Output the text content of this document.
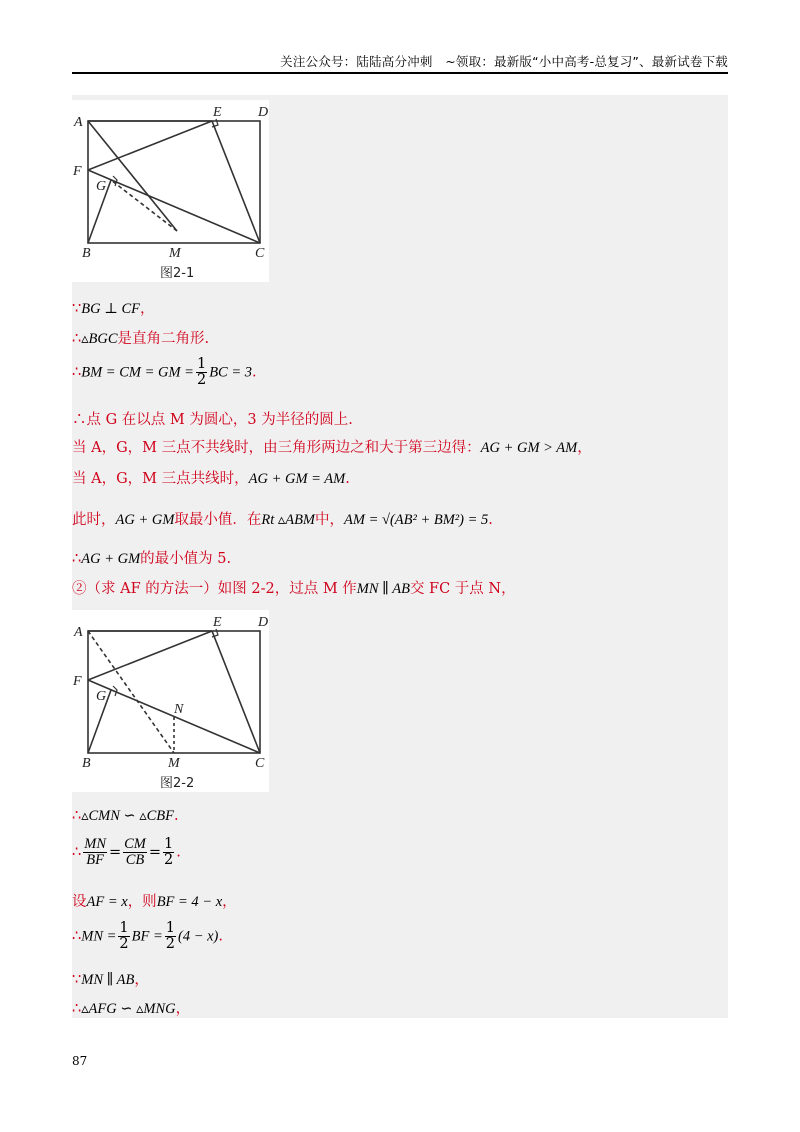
关注公众号：陆陆高分冲刺　~领取：最新版“小中高考-总复习”、最新试卷下载
A
E	D
F
G
B	M	C
图2-1
∵BG ⊥ CF，
∴▵BGC是直角二角形.
∴BM = CM = GM = $\frac{1}{2}$ BC = 3.
∴点 G 在以点 M 为圆心，3 为半径的圆上.
当 A，G，M 三点不共线时，由三角形两边之和大于第三边得：AG + GM > AM，
当 A，G，M 三点共线时，AG + GM = AM.
此时，AG + GM取最小值．在Rt ▵ABM中，AM = √(AB² + BM²) = 5.
∴AG + GM的最小值为 5.
②（求 AF 的方法一）如图 2-2，过点 M 作MN ∥ AB交 FC 于点 N，
A
E	D
F
G
N
B	M	C
图2-2
∴▵CMN ∽ ▵CBF.
∴ $\frac{MN}{BF} = \frac{CM}{CB} = \frac{1}{2}$ .
设AF = x，则BF = 4 − x，
∴MN = $\frac{1}{2}$ BF = $\frac{1}{2} (4 - x)$.
∵MN ∥ AB，
∴▵AFG ∽ ▵MNG，
87
